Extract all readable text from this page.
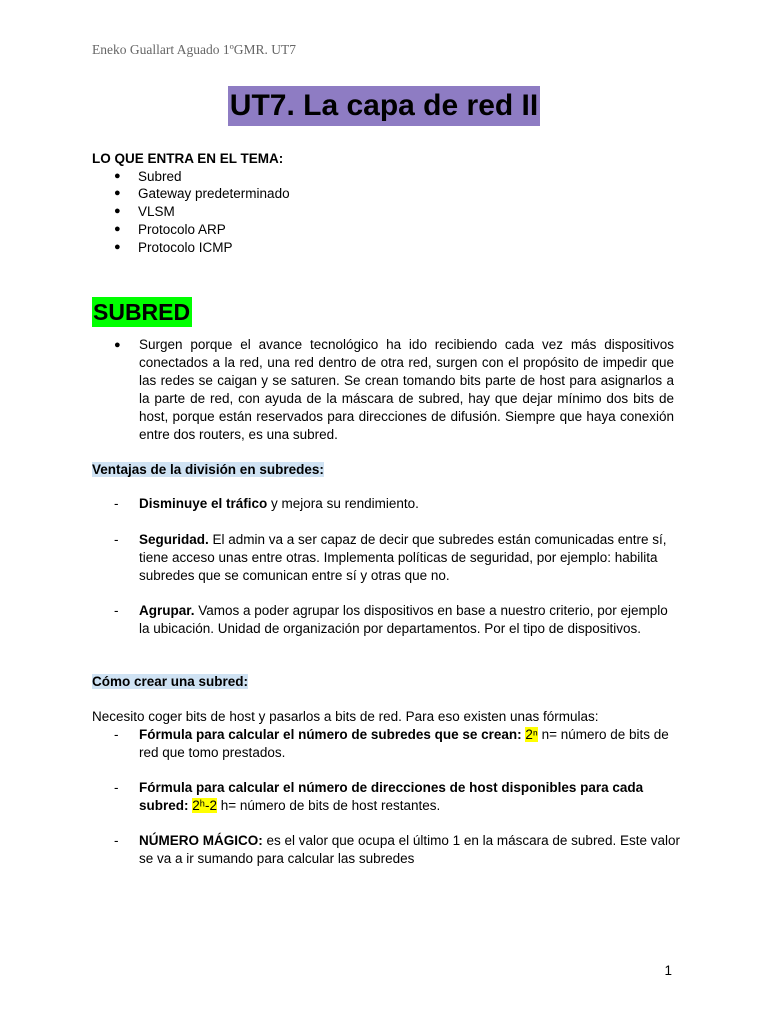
Eneko Guallart Aguado 1ºGMR. UT7
UT7. La capa de red II
LO QUE ENTRA EN EL TEMA:
● Subred
● Gateway predeterminado
● VLSM
● Protocolo ARP
● Protocolo ICMP
SUBRED
● Surgen porque el avance tecnológico ha ido recibiendo cada vez más dispositivos conectados a la red, una red dentro de otra red, surgen con el propósito de impedir que las redes se caigan y se saturen. Se crean tomando bits parte de host para asignarlos a la parte de red, con ayuda de la máscara de subred, hay que dejar mínimo dos bits de host, porque están reservados para direcciones de difusión. Siempre que haya conexión entre dos routers, es una subred.
Ventajas de la división en subredes:
- Disminuye el tráfico y mejora su rendimiento.
- Seguridad. El admin va a ser capaz de decir que subredes están comunicadas entre sí, tiene acceso unas entre otras. Implementa políticas de seguridad, por ejemplo: habilita subredes que se comunican entre sí y otras que no.
- Agrupar. Vamos a poder agrupar los dispositivos en base a nuestro criterio, por ejemplo la ubicación. Unidad de organización por departamentos. Por el tipo de dispositivos.
Cómo crear una subred:
Necesito coger bits de host y pasarlos a bits de red. Para eso existen unas fórmulas:
- Fórmula para calcular el número de subredes que se crean: 2ⁿ n= número de bits de red que tomo prestados.
- Fórmula para calcular el número de direcciones de host disponibles para cada subred: 2ʰ-2 h= número de bits de host restantes.
- NÚMERO MÁGICO: es el valor que ocupa el último 1 en la máscara de subred. Este valor se va a ir sumando para calcular las subredes
1
